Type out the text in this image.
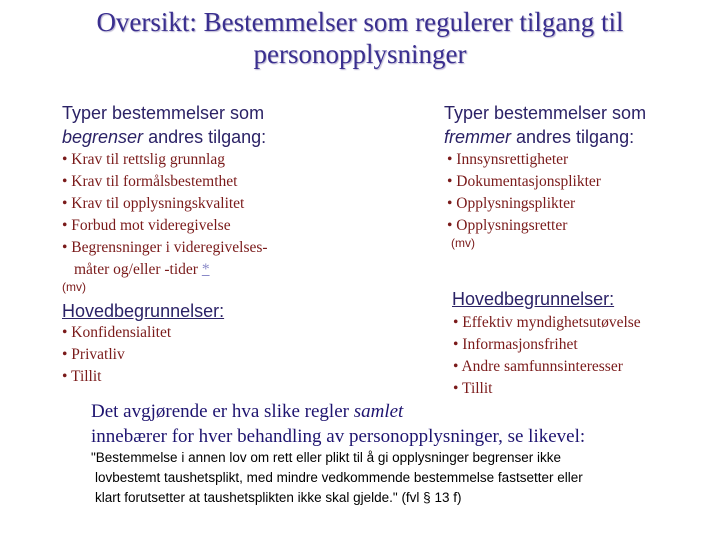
Oversikt: Bestemmelser som regulerer tilgang til
personopplysninger
Typer bestemmelser som
begrenser andres tilgang:
• Krav til rettslig grunnlag
• Krav til formålsbestemthet
• Krav til opplysningskvalitet
• Forbud mot videregivelse
• Begrensninger i videregivelses-
måter og/eller -tider *
(mv)
Hovedbegrunnelser:
• Konfidensialitet
• Privatliv
• Tillit
Typer bestemmelser som
fremmer andres tilgang:
• Innsynsrettigheter
• Dokumentasjonsplikter
• Opplysningsplikter
• Opplysningsretter
(mv)
Hovedbegrunnelser:
• Effektiv myndighetsutøvelse
• Informasjonsfrihet
• Andre samfunnsinteresser
• Tillit
Det avgjørende er hva slike regler samlet
innebærer for hver behandling av personopplysninger, se likevel:
"Bestemmelse i annen lov om rett eller plikt til å gi opplysninger begrenser ikke
lovbestemt taushetsplikt, med mindre vedkommende bestemmelse fastsetter eller
klart forutsetter at taushetsplikten ikke skal gjelde." (fvl § 13 f)
